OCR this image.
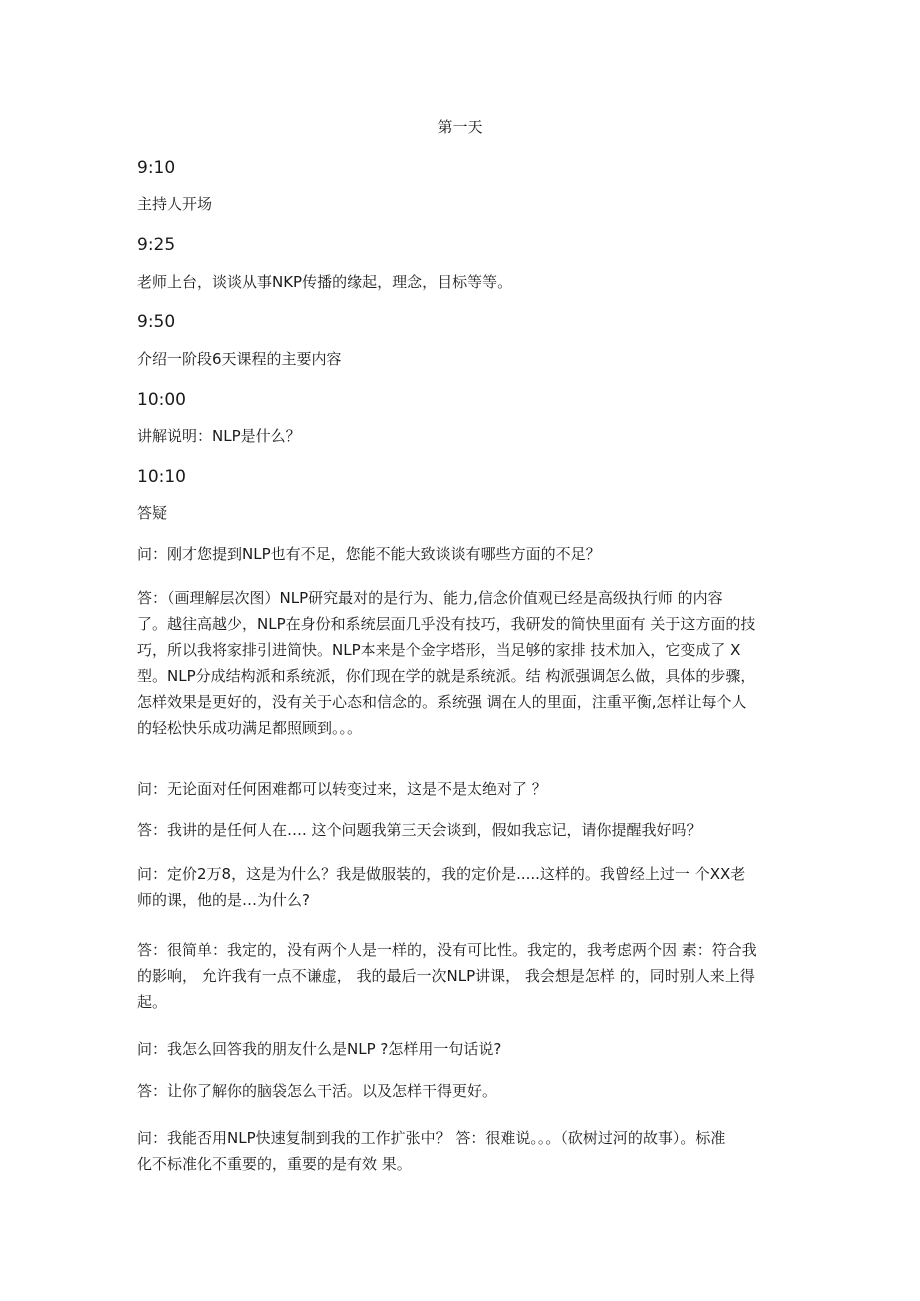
第一天
9:10
主持人开场
9:25
老师上台，谈谈从事NKP传播的缘起，理念，目标等等。
9:50
介绍一阶段6天课程的主要内容
10:00
讲解说明：NLP是什么？
10:10
答疑
问：刚才您提到NLP也有不足，您能不能大致谈谈有哪些方面的不足？
答：（画理解层次图）NLP研究最对的是行为、能力,信念价值观已经是高级执行师 的内容
了。越往高越少，NLP在身份和系统层面几乎没有技巧，我研发的简快里面有 关于这方面的技
巧，所以我将家排引进简快。NLP本来是个金字塔形，当足够的家排 技术加入，它变成了 X
型。NLP分成结构派和系统派，你们现在学的就是系统派。结 构派强调怎么做，具体的步骤，
怎样效果是更好的，没有关于心态和信念的。系统强 调在人的里面，注重平衡,怎样让每个人
的轻松快乐成功满足都照顾到。。。
问：无论面对任何困难都可以转变过来，这是不是太绝对了 ？
答：我讲的是任何人在…. 这个问题我第三天会谈到，假如我忘记，请你提醒我好吗？
问：定价2万8，这是为什么？我是做服装的，我的定价是.....这样的。我曾经上过一 个XX老
师的课，他的是…为什么?
答：很简单：我定的，没有两个人是一样的，没有可比性。我定的，我考虑两个因 素：符合我
的影响， 允许我有一点不谦虚， 我的最后一次NLP讲课， 我会想是怎样 的，同时别人来上得
起。
问：我怎么回答我的朋友什么是NLP ?怎样用一句话说?
答：让你了解你的脑袋怎么干活。以及怎样干得更好。
问：我能否用NLP快速复制到我的工作扩张中？ 答：很难说。。。（砍树过河的故事）。标准
化不标准化不重要的，重要的是有效 果。
